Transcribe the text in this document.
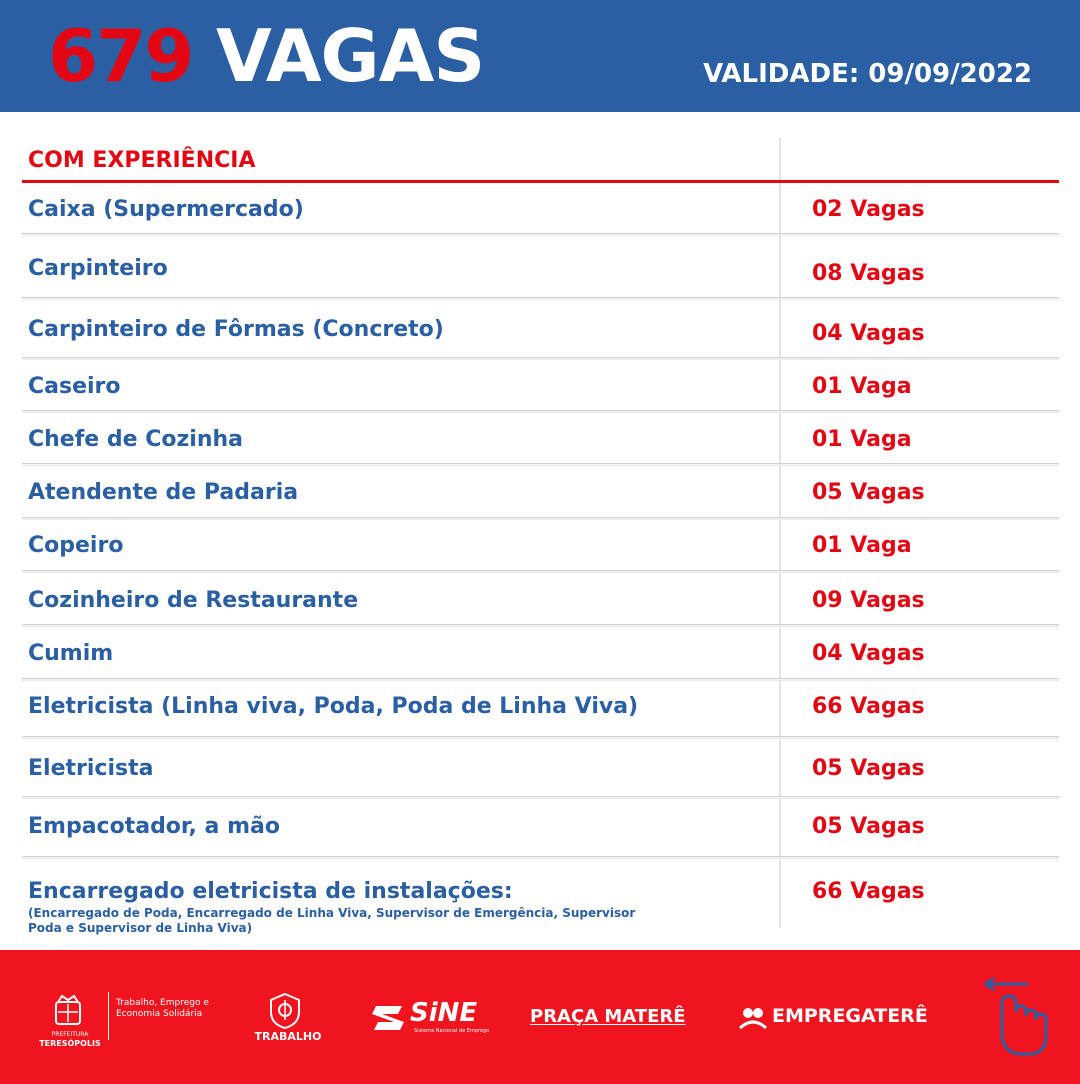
679 VAGAS	VALIDADE: 09/09/2022
COM EXPERIÊNCIA
Caixa (Supermercado)	02 Vagas
Carpinteiro	08 Vagas
Carpinteiro de Fôrmas (Concreto)	04 Vagas
Caseiro	01 Vaga
Chefe de Cozinha	01 Vaga
Atendente de Padaria	05 Vagas
Copeiro	01 Vaga
Cozinheiro de Restaurante	09 Vagas
Cumim	04 Vagas
Eletricista (Linha viva, Poda, Poda de Linha Viva)	66 Vagas
Eletricista	05 Vagas
Empacotador, a mão	05 Vagas
Encarregado eletricista de instalações:	66 Vagas
(Encarregado de Poda, Encarregado de Linha Viva, Supervisor de Emergência, Supervisor Poda e Supervisor de Linha Viva)
PREFEITURA
TERESÓPOLIS
Trabalho, Emprego e Economia Solidária
TRABALHO
SiNE
Sistema Nacional de Emprego
PRAÇA MATERÊ	EMPREGATERÊ
